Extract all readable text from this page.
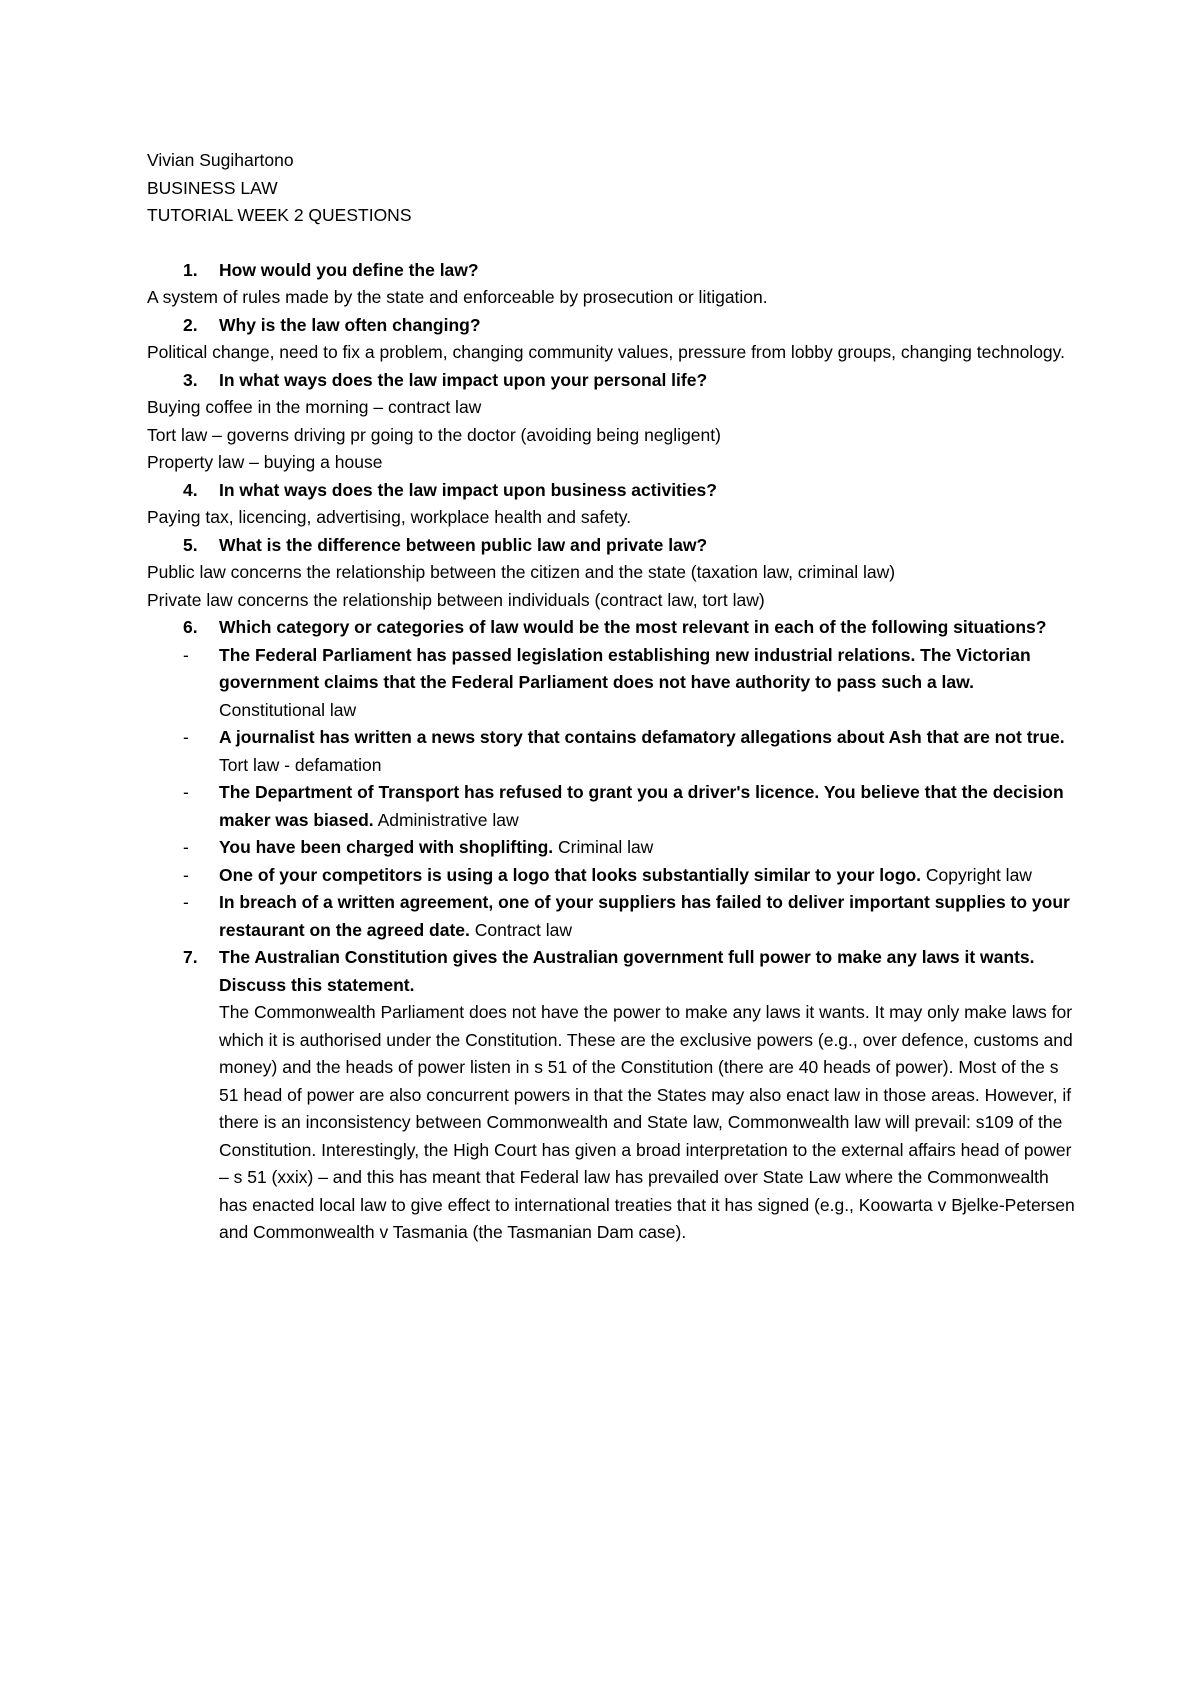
Vivian Sugihartono
BUSINESS LAW
TUTORIAL WEEK 2 QUESTIONS
1. How would you define the law?

A system of rules made by the state and enforceable by prosecution or litigation.

2. Why is the law often changing?

Political change, need to fix a problem, changing community values, pressure from lobby groups, changing technology.

3. In what ways does the law impact upon your personal life?

Buying coffee in the morning – contract law

Tort law – governs driving pr going to the doctor (avoiding being negligent)

Property law – buying a house

4. In what ways does the law impact upon business activities?

Paying tax, licencing, advertising, workplace health and safety.

5. What is the difference between public law and private law?

Public law concerns the relationship between the citizen and the state (taxation law, criminal law)

Private law concerns the relationship between individuals (contract law, tort law)

6. Which category or categories of law would be the most relevant in each of the following situations?
- The Federal Parliament has passed legislation establishing new industrial relations. The Victorian government claims that the Federal Parliament does not have authority to pass such a law. Constitutional law
- A journalist has written a news story that contains defamatory allegations about Ash that are not true. Tort law - defamation
- The Department of Transport has refused to grant you a driver's licence. You believe that the decision maker was biased. Administrative law
- You have been charged with shoplifting. Criminal law
- One of your competitors is using a logo that looks substantially similar to your logo. Copyright law
- In breach of a written agreement, one of your suppliers has failed to deliver important supplies to your restaurant on the agreed date. Contract law
7. The Australian Constitution gives the Australian government full power to make any laws it wants. Discuss this statement.

The Commonwealth Parliament does not have the power to make any laws it wants. It may only make laws for which it is authorised under the Constitution. These are the exclusive powers (e.g., over defence, customs and money) and the heads of power listen in s 51 of the Constitution (there are 40 heads of power). Most of the s 51 head of power are also concurrent powers in that the States may also enact law in those areas. However, if there is an inconsistency between Commonwealth and State law, Commonwealth law will prevail: s109 of the Constitution. Interestingly, the High Court has given a broad interpretation to the external affairs head of power – s 51 (xxix) – and this has meant that Federal law has prevailed over State Law where the Commonwealth has enacted local law to give effect to international treaties that it has signed (e.g., Koowarta v Bjelke-Petersen and Commonwealth v Tasmania (the Tasmanian Dam case).
